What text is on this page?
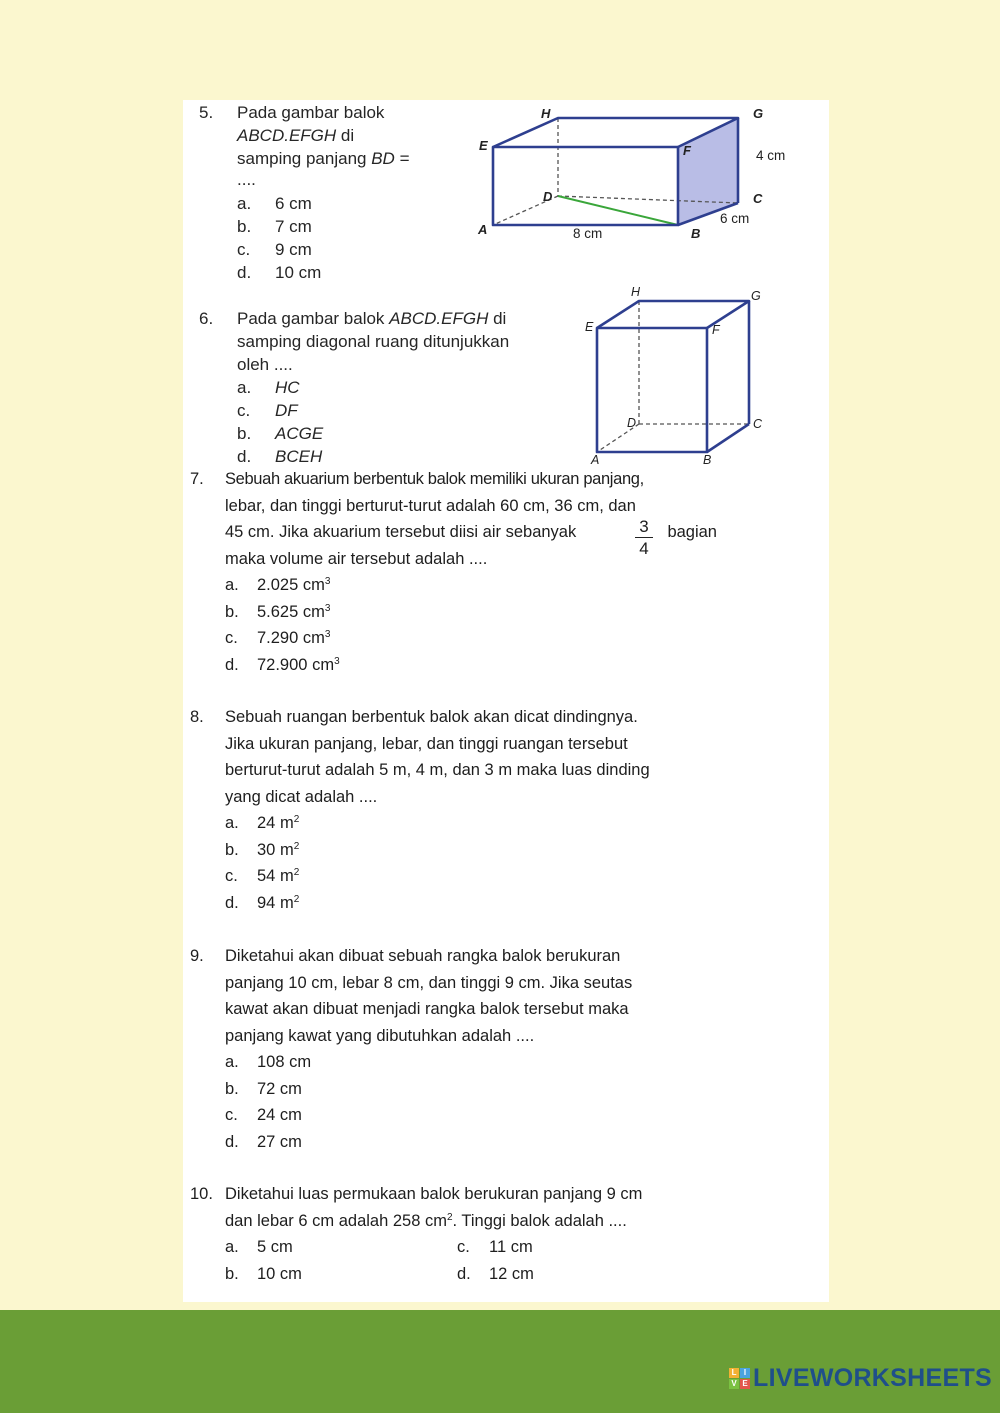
5. Pada gambar balok
ABCD.EFGH di
samping panjang BD =
....
a. 6 cm
b. 7 cm
c. 9 cm
d. 10 cm
H	G
E	F
D	C
A	B
4 cm
6 cm
8 cm
6. Pada gambar balok ABCD.EFGH di
samping diagonal ruang ditunjukkan
oleh ....
a. HC
c. DF
b. ACGE
d. BCEH
H	G
E	F
D	C
A	B
7. Sebuah akuarium berbentuk balok memiliki ukuran panjang,
lebar, dan tinggi berturut-turut adalah 60 cm, 36 cm, dan
45 cm. Jika akuarium tersebut diisi air sebanyak	bagian
maka volume air tersebut adalah ....
a. 2.025 $cm^3$
b. 5.625 $cm^3$
c. 7.290 $cm^3$
d. 72.900 $cm^3$
3
4
8. Sebuah ruangan berbentuk balok akan dicat dindingnya.
Jika ukuran panjang, lebar, dan tinggi ruangan tersebut
berturut-turut adalah 5 m, 4 m, dan 3 m maka luas dinding
yang dicat adalah ....
a. 24 $m^2$
b. 30 $m^2$
c. 54 $m^2$
d. 94 $m^2$
9. Diketahui akan dibuat sebuah rangka balok berukuran
panjang 10 cm, lebar 8 cm, dan tinggi 9 cm. Jika seutas
kawat akan dibuat menjadi rangka balok tersebut maka
panjang kawat yang dibutuhkan adalah ....
a. 108 cm
b. 72 cm
c. 24 cm
d. 27 cm
10. Diketahui luas permukaan balok berukuran panjang 9 cm
dan lebar 6 cm adalah 258 $cm^2$. Tinggi balok adalah ....
a. 5 cm	c. 11 cm
b. 10 cm	d. 12 cm
L I
V E LIVEWORKSHEETS
